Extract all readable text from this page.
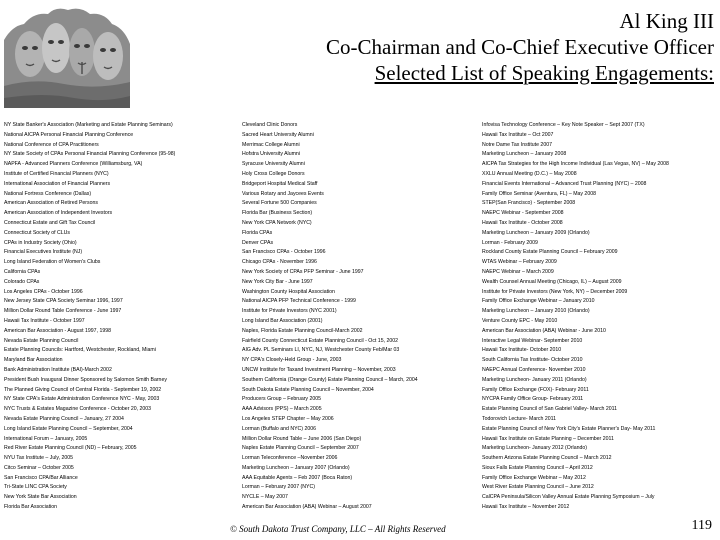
Al King III
Co-Chairman and Co-Chief Executive Officer
Selected List of Speaking Engagements:
NY State Banker's Association (Marketing and Estate Planning Seminars)
National AICPA Personal Financial Planning Conference
National Conference of CPA Practitioners
NY State Society of CPAs Personal Financial Planning Conference (95-98)
NAPFA - Advanced Planners Conference (Williamsburg, VA)
Institute of Certified Financial Planners (NYC)
International Association of Financial Planners
National Fortress Conference (Dallas)
American Association of Retired Persons
American Association of Independent Investors
Connecticut Estate and Gift Tax Council
Connecticut Society of CLUs
CPAs in Industry Society (Ohio)
Financial Executives Institute (NJ)
Long Island Federation of Women's Clubs
California CPAs
Colorado CPAs
Los Angeles CPAs - October 1996
New Jersey State CPA Society Seminar 1996, 1997
Million Dollar Round Table Conference - June 1997
Hawaii Tax Institute - October 1997
American Bar Association - August 1997, 1998
Nevada Estate Planning Council
Estate Planning Councils: Hartford, Westchester, Rockland, Miami
Maryland Bar Association
Bank Administration Institute (BAI)-March 2002
President Bush Inaugural Dinner Sponsored by Salomon Smith Barney
The Planned Giving Council of Central Florida - September 19, 2002
NY State CPA's Estate Administration Conference NYC - May, 2003
NYC Trusts & Estates Magazine Conference - October 20, 2003
Nevada Estate Planning Council – January, 27 2004
Long Island Estate Planning Council – September, 2004
International Forum – January, 2005
Red River Estate Planning Council (ND) – February, 2005
NYU Tax Institute – July, 2005
Citco Seminar – October 2005
San Francisco CPA/Bar Alliance
Tri-State LINC CPA Society
New York State Bar Association
Florida Bar Association
Cleveland Clinic Donors
Sacred Heart University Alumni
Merrimac College Alumni
Hofstra University Alumni
Syracuse University Alumni
Holy Cross College Donors
Bridgeport Hospital Medical Staff
Various Rotary and Jaycees Events
Several Fortune 500 Companies
Florida Bar (Business Section)
New York CPA Network (NYC)
Florida CPAs
Denver CPAs
San Francisco CPAs - October 1996
Chicago CPAs - November 1996
New York Society of CPAs PFP Seminar - June 1997
New York City Bar - June 1997
Washington County Hospital Association
National AICPA PFP Technical Conference - 1999
Institute for Private Investors (NYC 2001)
Long Island Bar Association (2001)
Naples, Florida Estate Planning Council-March 2002
Fairfield County Connecticut Estate Planning Council - Oct 15, 2002
AIG Adv. PL Seminars LI, NYC, NJ, Westchester County Feb/Mar 03
NY CPA's Closely-Held Group - June, 2003
UNCW Institute for Taxand Investment Planning – November, 2003
Southern California (Orange County) Estate Planning Council – March, 2004
South Dakota Estate Planning Council – November, 2004
Producers Group – February 2005
AAA Advisors (PPS) – March 2005
Los Angeles STEP Chapter – May 2006
Lorman (Buffalo and NYC) 2006
Million Dollar Round Table – June 2006 (San Diego)
Naples Estate Planning Council – September 2007
Lorman Teleconference –November 2006
Marketing Luncheon – January 2007 (Orlando)
AAA Equitable Agents – Feb 2007 (Boca Raton)
Lorman – February 2007 (NYC)
NYCLE – May 2007
American Bar Association (ABA) Webinar – August 2007
Infovisa Technology Conference – Key Note Speaker – Sept 2007 (TX)
Hawaii Tax Institute – Oct 2007
Notre Dame Tax Institute 2007
Marketing Luncheon – January 2008
AICPA Tax Strategies for the High Income Individual (Las Vegas, NV) – May 2008
XXLU Annual Meeting (D.C.) – May 2008
Financial Events International – Advanced Trust Planning (NYC) – 2008
Family Office Seminar (Aventura, FL) – May 2008
STEP(San Francisco) - September 2008
NAEPC Webinar - September 2008
Hawaii Tax Institute - October 2008
Marketing Luncheon – January 2009 (Orlando)
Lorman - February 2009
Rockland County Estate Planning Council – February 2009
WTAS Webinar – February 2009
NAEPC Webinar – March 2009
Wealth Counsel Annual Meeting (Chicago, IL) – August 2009
Institute for Private Investors (New York, NY) – December 2009
Family Office Exchange Webinar – January 2010
Marketing Luncheon – January 2010 (Orlando)
Venture County EPC - May 2010
American Bar Association (ABA) Webinar - June 2010
Interactive Legal Webinar- September 2010
Hawaii Tax Institute- October 2010
South California Tax Institute- October 2010
NAEPC Annual Conference- November 2010
Marketing Luncheon- January 2011 (Orlando)
Family Office Exchange (FOX)- February 2011
NYCPA Family Office Group- February 2011
Estate Planning Council of San Gabriel Valley- March 2011
Todorovich Lecture- March 2011
Estate Planning Council of New York City's Estate Planner's Day- May 2011
Hawaii Tax Institute on Estate Planning – December 2011
Marketing Luncheon- January 2012 (Orlando)
Southern Arizona Estate Planning Council – March 2012
Sioux Falls Estate Planning Council – April 2012
Family Office Exchange Webinar – May 2012
West River Estate Planning Council – June 2012
CalCPA Peninsula/Silicon Valley Annual Estate Planning Symposium – July
Hawaii Tax Institute – November 2012
© South Dakota Trust Company, LLC – All Rights Reserved	119
